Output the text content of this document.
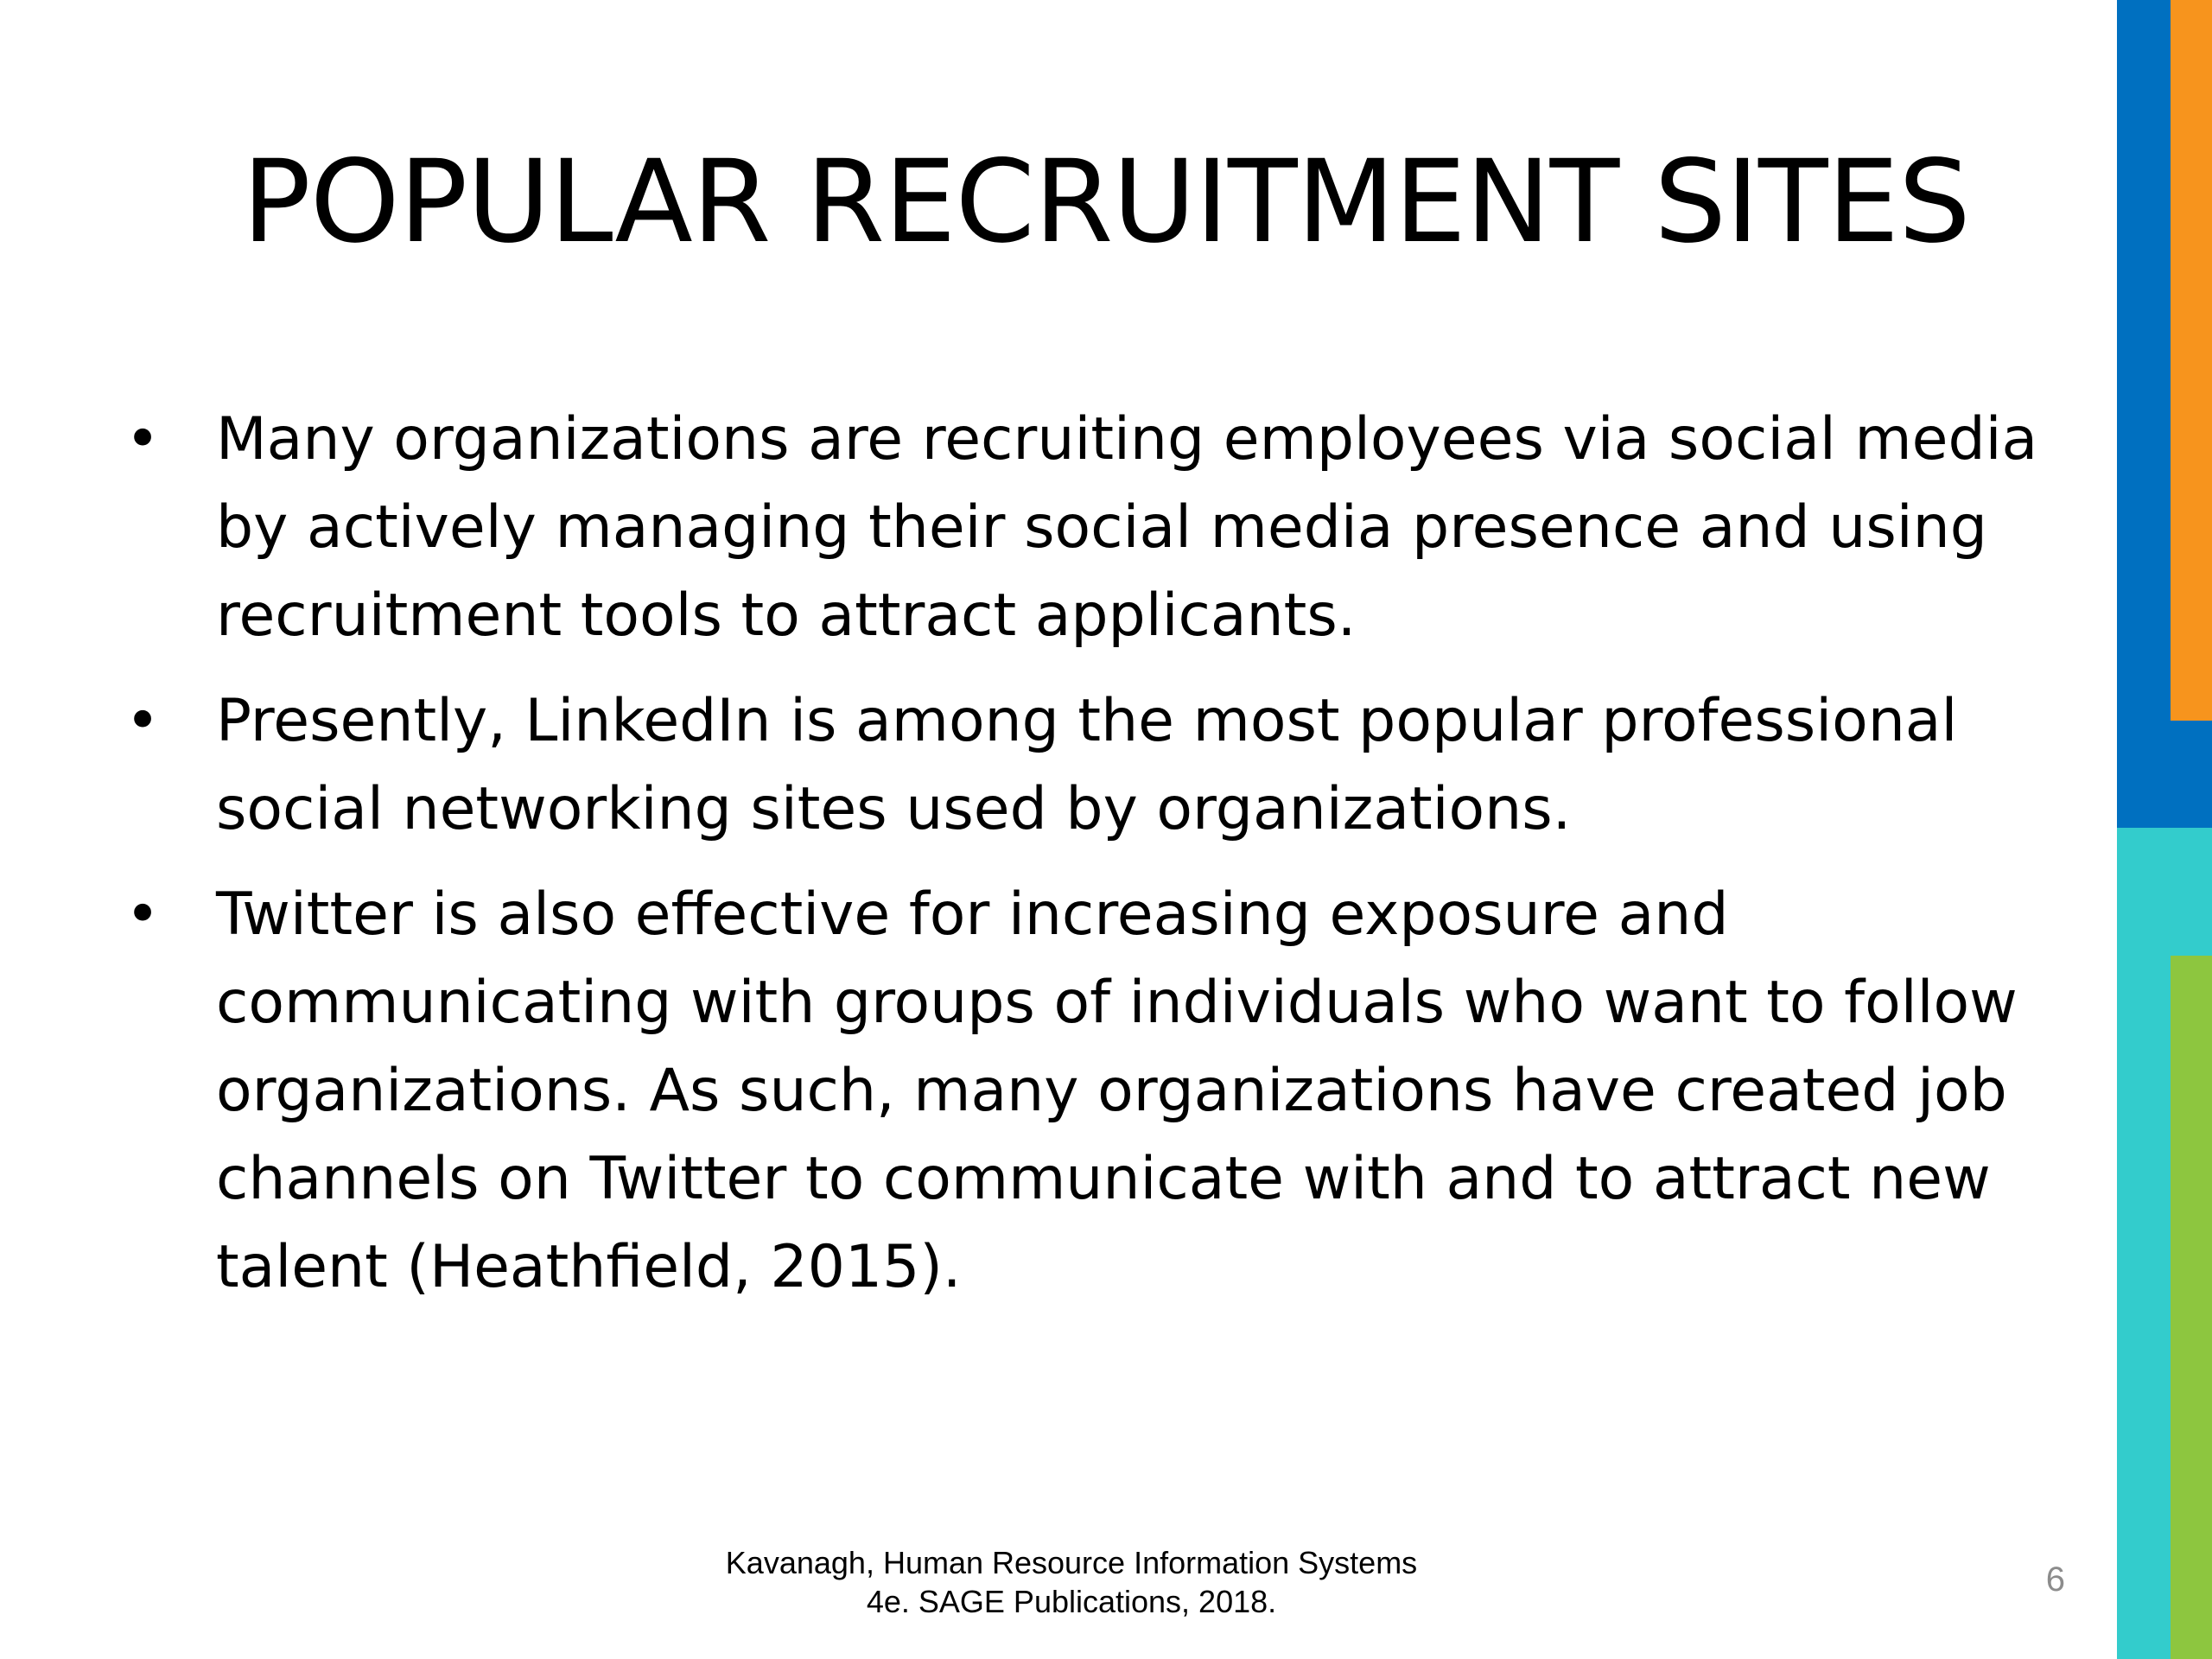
POPULAR RECRUITMENT SITES
• Many organizations are recruiting employees via social media by actively managing their social media presence and using recruitment tools to attract applicants.
• Presently, LinkedIn is among the most popular professional social networking sites used by organizations.
• Twitter is also effective for increasing exposure and communicating with groups of individuals who want to follow organizations. As such, many organizations have created job channels on Twitter to communicate with and to attract new talent (Heathfield, 2015).
Kavanagh, Human Resource Information Systems
4e. SAGE Publications, 2018.
6
